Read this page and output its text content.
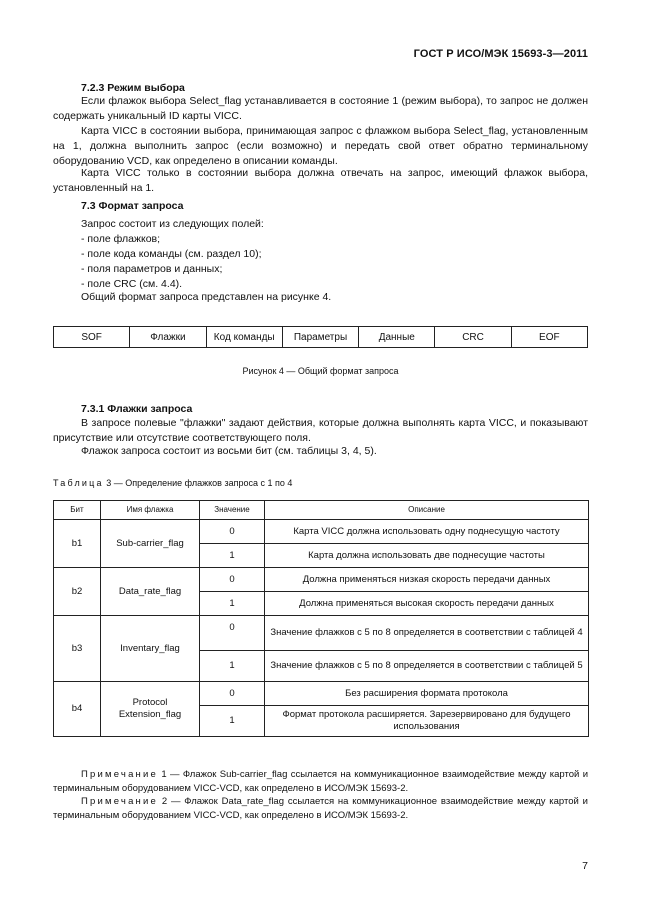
ГОСТ Р ИСО/МЭК 15693-3—2011
7.2.3 Режим выбора
Если флажок выбора Select_flag устанавливается в состояние 1 (режим выбора), то запрос не должен содержать уникальный ID карты VICC.
Карта VICC в состоянии выбора, принимающая запрос с флажком выбора Select_flag, установленным на 1, должна выполнить запрос (если возможно) и передать свой ответ обратно терминальному оборудованию VCD, как определено в описании команды.
Карта VICC только в состоянии выбора должна отвечать на запрос, имеющий флажок выбора, установленный на 1.
7.3 Формат запроса
Запрос состоит из следующих полей:
- поле флажков;
- поле кода команды (см. раздел 10);
- поля параметров и данных;
- поле CRC (см. 4.4).
Общий формат запроса представлен на рисунке 4.
SOF	Флажки	Код команды	Параметры	Данные	CRC	EOF
Рисунок 4 — Общий формат запроса
7.3.1 Флажки запроса
В запросе полевые "флажки" задают действия, которые должна выполнять карта VICC, и показывают присутствие или отсутствие соответствующего поля.
Флажок запроса состоит из восьми бит (см. таблицы 3, 4, 5).
Таблица 3 — Определение флажков запроса с 1 по 4
Бит	Имя флажка	Значение	Описание
b1	Sub-carrier_flag	0	Карта VICC должна использовать одну поднесущую частоту
		1	Карта должна использовать две поднесущие частоты
b2	Data_rate_flag	0	Должна применяться низкая скорость передачи данных
		1	Должна применяться высокая скорость передачи данных
b3	Inventary_flag	0	Значение флажков с 5 по 8 определяется в соответствии с таблицей 4
		1	Значение флажков с 5 по 8 определяется в соответствии с таблицей 5
b4	Protocol Extension_flag	0	Без расширения формата протокола
		1	Формат протокола расширяется. Зарезервировано для будущего использования
Примечание 1 — Флажок Sub-carrier_flag ссылается на коммуникационное взаимодействие между картой и терминальным оборудованием VICC-VCD, как определено в ИСО/МЭК 15693-2.
Примечание 2 — Флажок Data_rate_flag ссылается на коммуникационное взаимодействие между картой и терминальным оборудованием VICC-VCD, как определено в ИСО/МЭК 15693-2.
7
